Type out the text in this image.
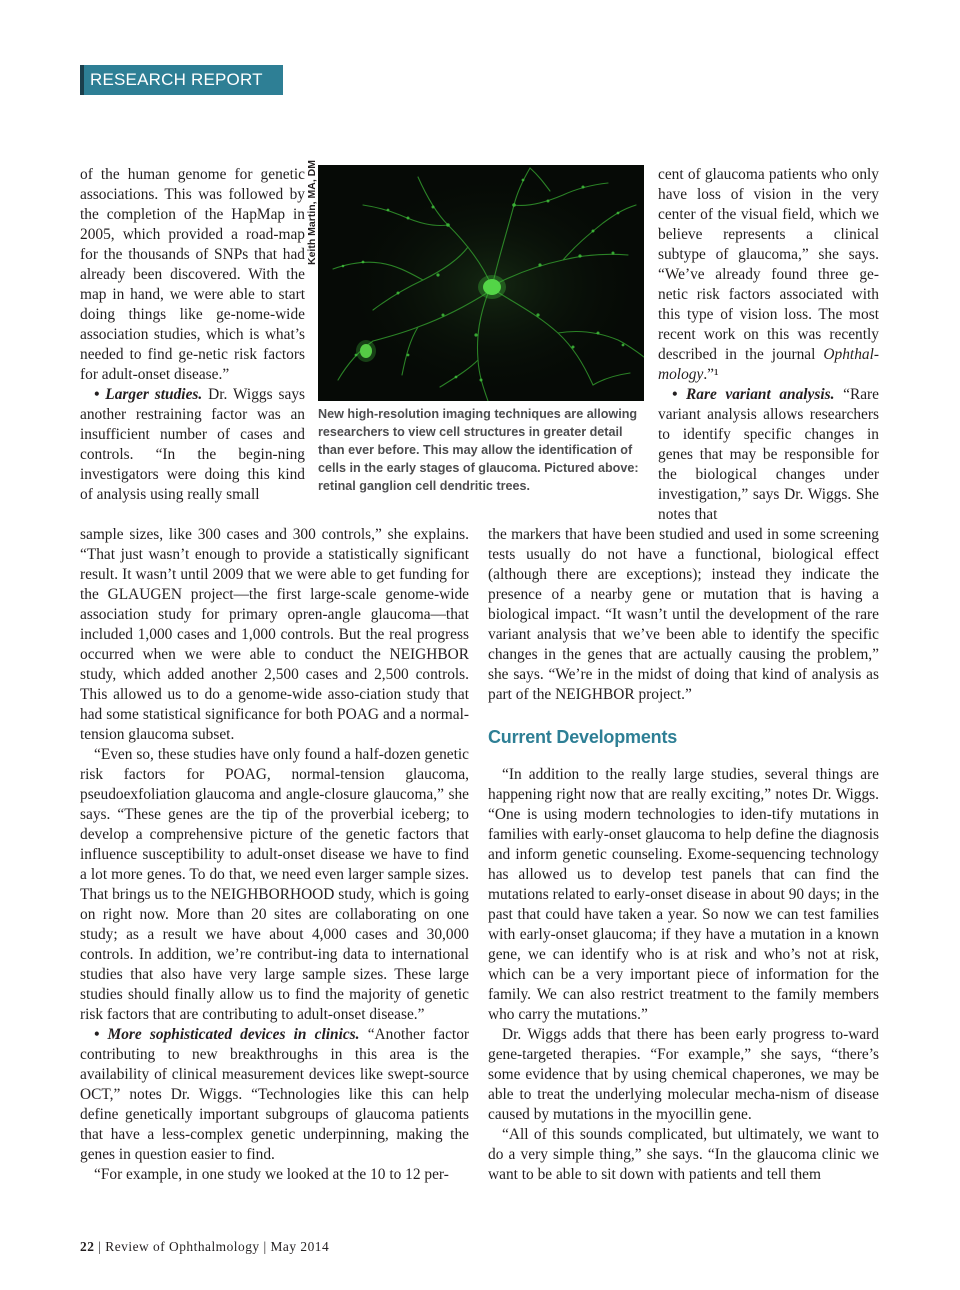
RESEARCH REPORT

of the human genome for genetic associations. This was followed by the completion of the HapMap in 2005, which provided a road-map for the thousands of SNPs that had already been discovered. With the map in hand, we were able to start doing things like ge-nome-wide association studies, which is what’s needed to find ge-netic risk factors for adult-onset disease.”

• Larger studies. Dr. Wiggs says another restraining factor was an insufficient number of cases and controls. “In the begin-ning investigators were doing this kind of analysis using really small

Keith Martin, MA, DM
New high-resolution imaging techniques are allowing researchers to view cell structures in greater detail than ever before. This may allow the identification of cells in the early stages of glaucoma. Pictured above: retinal ganglion cell dendritic trees.

cent of glaucoma patients who only have loss of vision in the very center of the visual field, which we believe represents a clinical subtype of glaucoma,” she says. “We’ve already found three ge-netic risk factors associated with this type of vision loss. The most recent work on this was recently described in the journal Ophthal-mology.”¹

• Rare variant analysis. “Rare variant analysis allows researchers to identify specific changes in genes that may be responsible for the biological changes under investigation,” says Dr. Wiggs. She notes that

sample sizes, like 300 cases and 300 controls,” she explains. “That just wasn’t enough to provide a statistically significant result. It wasn’t until 2009 that we were able to get funding for the GLAUGEN project—the first large-scale genome-wide association study for primary opren-angle glaucoma—that included 1,000 cases and 1,000 controls. But the real progress occurred when we were able to conduct the NEIGHBOR study, which added another 2,500 cases and 2,500 controls. This allowed us to do a genome-wide asso-ciation study that had some statistical significance for both POAG and a normal-tension glaucoma subset.

“Even so, these studies have only found a half-dozen genetic risk factors for POAG, normal-tension glaucoma, pseudoexfoliation glaucoma and angle-closure glaucoma,” she says. “These genes are the tip of the proverbial iceberg; to develop a comprehensive picture of the genetic factors that influence susceptibility to adult-onset disease we have to find a lot more genes. To do that, we need even larger sample sizes. That brings us to the NEIGHBORHOOD study, which is going on right now. More than 20 sites are collaborating on one study; as a result we have about 4,000 cases and 30,000 controls. In addition, we’re contribut-ing data to international studies that also have very large sample sizes. These large studies should finally allow us to find the majority of genetic risk factors that are contributing to adult-onset disease.”

• More sophisticated devices in clinics. “Another factor contributing to new breakthroughs in this area is the availability of clinical measurement devices like swept-source OCT,” notes Dr. Wiggs. “Technologies like this can help define genetically important subgroups of glaucoma patients that have a less-complex genetic underpinning, making the genes in question easier to find.

“For example, in one study we looked at the 10 to 12 per-

the markers that have been studied and used in some screening tests usually do not have a functional, biological effect (although there are exceptions); instead they indicate the presence of a nearby gene or mutation that is having a biological impact. “It wasn’t until the development of the rare variant analysis that we’ve been able to identify the specific changes in the genes that are actually causing the problem,” she says. “We’re in the midst of doing that kind of analysis as part of the NEIGHBOR project.”

Current Developments

“In addition to the really large studies, several things are happening right now that are really exciting,” notes Dr. Wiggs. “One is using modern technologies to iden-tify mutations in families with early-onset glaucoma to help define the diagnosis and inform genetic counseling. Exome-sequencing technology has allowed us to develop test panels that can find the mutations related to early-onset disease in about 90 days; in the past that could have taken a year. So now we can test families with early-onset glaucoma; if they have a mutation in a known gene, we can identify who is at risk and who’s not at risk, which can be a very important piece of information for the family. We can also restrict treatment to the family members who carry the mutations.”

Dr. Wiggs adds that there has been early progress to-ward gene-targeted therapies. “For example,” she says, “there’s some evidence that by using chemical chaperones, we may be able to treat the underlying molecular mecha-nism of disease caused by mutations in the myocillin gene.

“All of this sounds complicated, but ultimately, we want to do a very simple thing,” she says. “In the glaucoma clinic we want to be able to sit down with patients and tell them

22 | Review of Ophthalmology | May 2014
